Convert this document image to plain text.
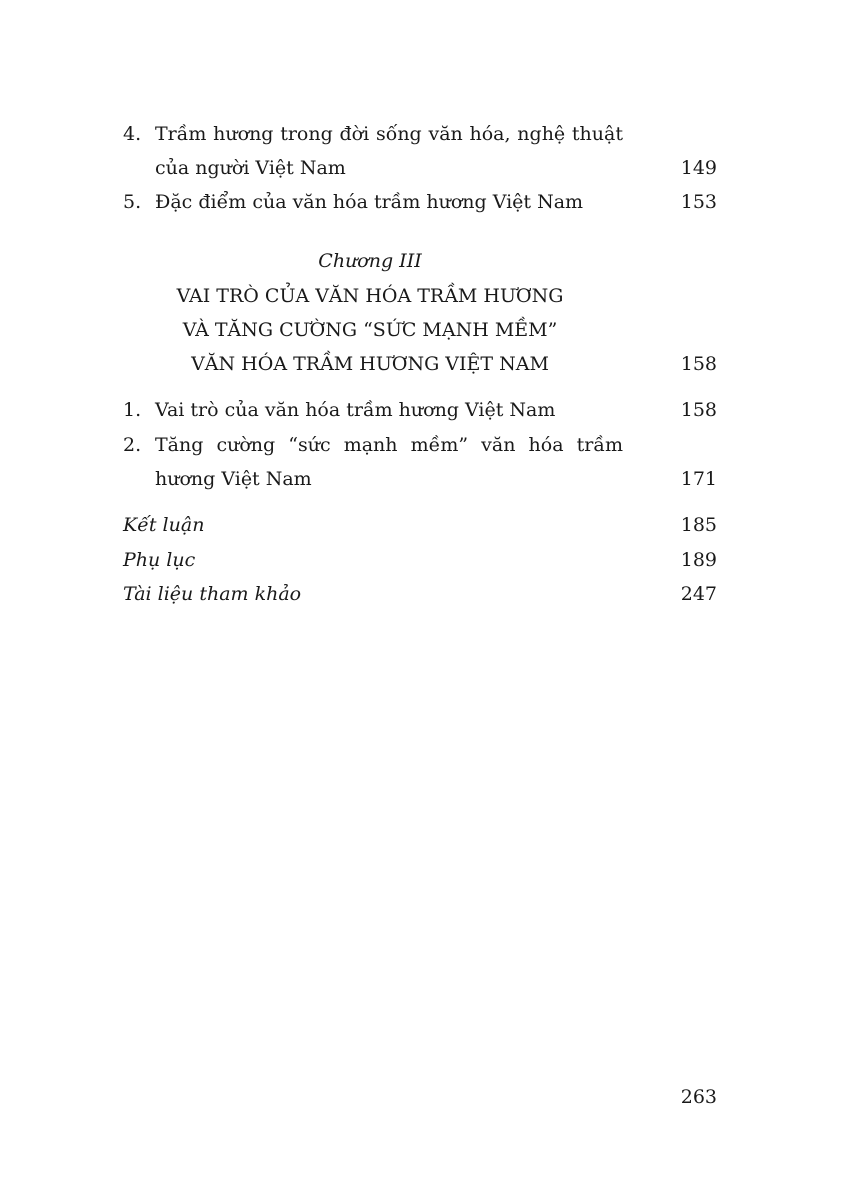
4. Trầm hương trong đời sống văn hóa, nghệ thuật
của người Việt Nam	149
5. Đặc điểm của văn hóa trầm hương Việt Nam	153
Chương III
VAI TRÒ CỦA VĂN HÓA TRẦM HƯƠNG
VÀ TĂNG CƯỜNG “SỨC MẠNH MỀM”
VĂN HÓA TRẦM HƯƠNG VIỆT NAM	158
1. Vai trò của văn hóa trầm hương Việt Nam	158
2. Tăng cường “sức mạnh mềm” văn hóa trầm
hương Việt Nam	171
Kết luận	185
Phụ lục	189
Tài liệu tham khảo	247
263
